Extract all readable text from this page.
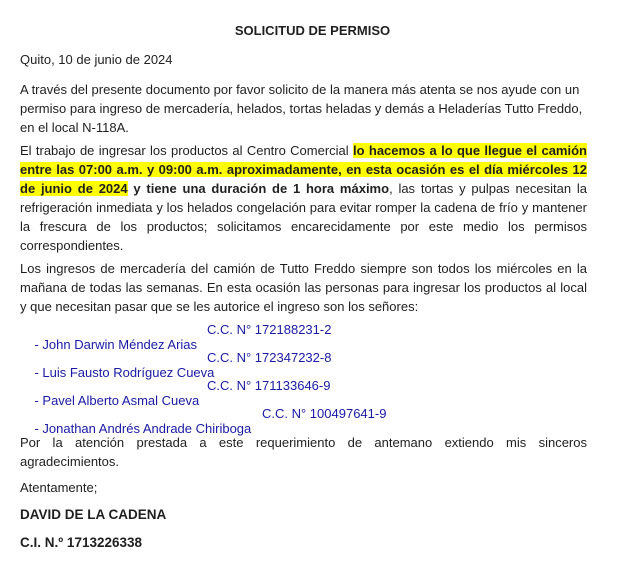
SOLICITUD DE PERMISO
Quito, 10 de junio de 2024

A través del presente documento por favor solicito de la manera más atenta se nos ayude con un permiso para ingreso de mercadería, helados, tortas heladas y demás a Heladerías Tutto Freddo, en el local N-118A.

El trabajo de ingresar los productos al Centro Comercial lo hacemos a lo que llegue el camión entre las 07:00 a.m. y 09:00 a.m. aproximadamente, en esta ocasión es el día miércoles 12 de junio de 2024 y tiene una duración de 1 hora máximo, las tortas y pulpas necesitan la refrigeración inmediata y los helados congelación para evitar romper la cadena de frío y mantener la frescura de los productos; solicitamos encarecidamente por este medio los permisos correspondientes.

Los ingresos de mercadería del camión de Tutto Freddo siempre son todos los miércoles en la mañana de todas las semanas. En esta ocasión las personas para ingresar los productos al local y que necesitan pasar que se les autorice el ingreso son los señores:

- John Darwin Méndez Arias

C.C. N° 172188231-2

- Luis Fausto Rodríguez Cueva

C.C. N° 172347232-8

- Pavel Alberto Asmal Cueva

C.C. N° 171133646-9

- Jonathan Andrés Andrade Chiriboga

C.C. N° 100497641-9

Por la atención prestada a este requerimiento de antemano extiendo mis sinceros agradecimientos.

Atentamente;
DAVID DE LA CADENA
C.I. N.º 1713226338
